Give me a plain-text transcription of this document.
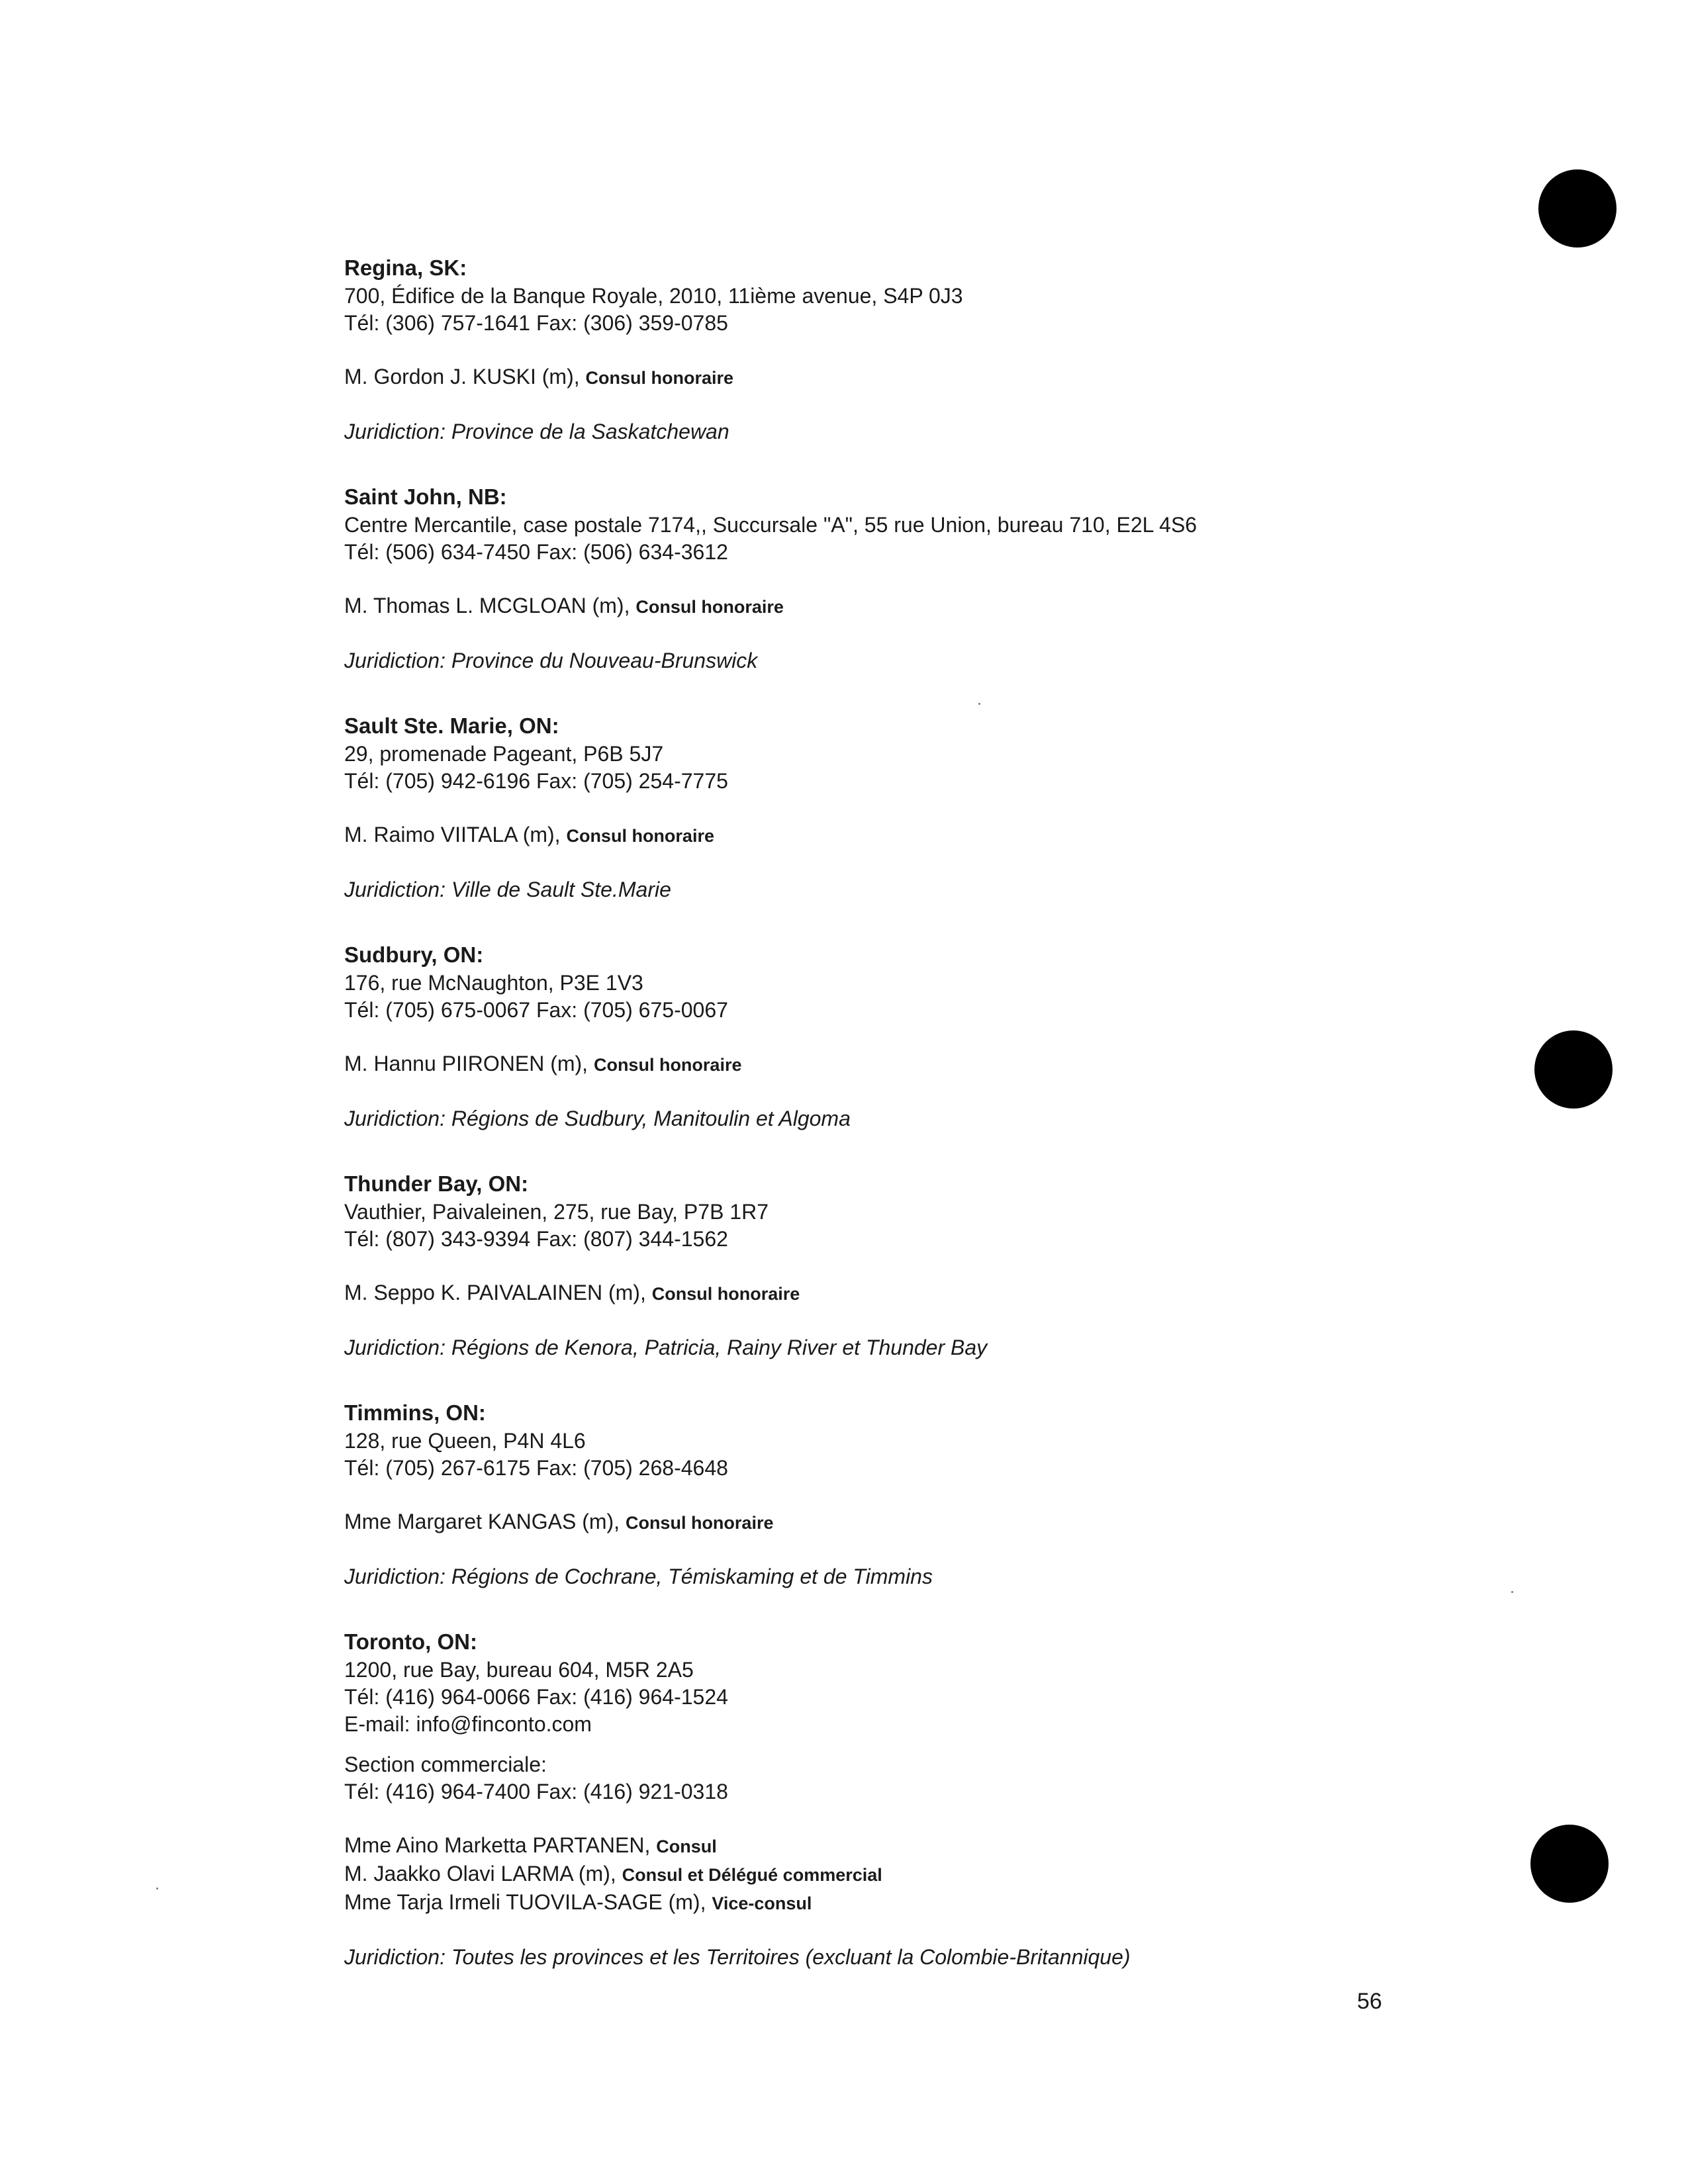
Regina, SK:

700, Édifice de la Banque Royale, 2010, 11ième avenue, S4P 0J3

Tél: (306) 757-1641 Fax: (306) 359-0785

M. Gordon J. KUSKI (m), Consul honoraire

Juridiction: Province de la Saskatchewan

Saint John, NB:

Centre Mercantile, case postale 7174,, Succursale "A", 55 rue Union, bureau 710, E2L 4S6

Tél: (506) 634-7450 Fax: (506) 634-3612

M. Thomas L. MCGLOAN (m), Consul honoraire

Juridiction: Province du Nouveau-Brunswick

Sault Ste. Marie, ON:

29, promenade Pageant, P6B 5J7

Tél: (705) 942-6196 Fax: (705) 254-7775

M. Raimo VIITALA (m), Consul honoraire

Juridiction: Ville de Sault Ste.Marie

Sudbury, ON:

176, rue McNaughton, P3E 1V3

Tél: (705) 675-0067 Fax: (705) 675-0067

M. Hannu PIIRONEN (m), Consul honoraire

Juridiction: Régions de Sudbury, Manitoulin et Algoma

Thunder Bay, ON:

Vauthier, Paivaleinen, 275, rue Bay, P7B 1R7

Tél: (807) 343-9394 Fax: (807) 344-1562

M. Seppo K. PAIVALAINEN (m), Consul honoraire

Juridiction: Régions de Kenora, Patricia, Rainy River et Thunder Bay

Timmins, ON:

128, rue Queen, P4N 4L6

Tél: (705) 267-6175 Fax: (705) 268-4648

Mme Margaret KANGAS (m), Consul honoraire

Juridiction: Régions de Cochrane, Témiskaming et de Timmins

Toronto, ON:

1200, rue Bay, bureau 604, M5R 2A5

Tél: (416) 964-0066 Fax: (416) 964-1524

E-mail: info@finconto.com

Section commerciale:

Tél: (416) 964-7400 Fax: (416) 921-0318

Mme Aino Marketta PARTANEN, Consul

M. Jaakko Olavi LARMA (m), Consul et Délégué commercial

Mme Tarja Irmeli TUOVILA-SAGE (m), Vice-consul

Juridiction: Toutes les provinces et les Territoires (excluant la Colombie-Britannique)

56
